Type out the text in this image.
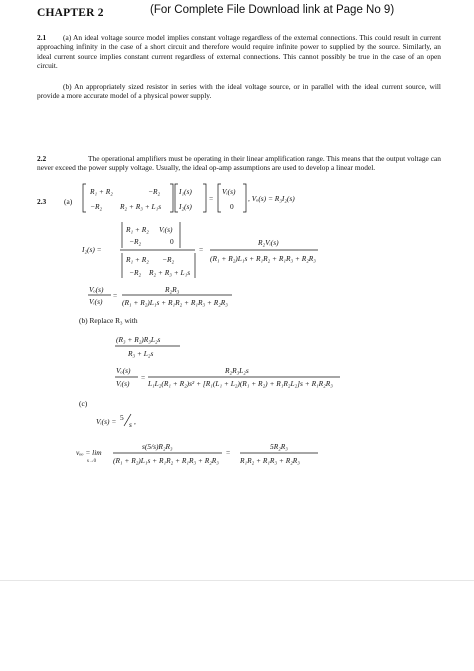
CHAPTER 2	(For Complete File Download link at Page No 9)
2.1	(a) An ideal voltage source model implies constant voltage regardless of the external connections. This could result in current approaching infinity in the case of a short circuit and therefore would require infinite power to supplied by the source. Similarly, an ideal current source implies constant current regardless of external connections. This cannot possibly be true in the case of an open circuit.
(b) An appropriately sized resistor in series with the ideal voltage source, or in parallel with the ideal current source, will provide a more accurate model of a physical power supply.
2.2	The operational amplifiers must be operating in their linear amplification range. This means that the output voltage can never exceed the power supply voltage. Usually, the ideal op-amp assumptions are used to develop a linear model.
2.3 (a)
R₁ + R₂	−R₂
−R₂ R₂ + R₃ + L₁s
I₁(s)
I₂(s)
=
Vᵢ(s)
0
, Vₒ(s) = R₃I₂(s)
I₂(s) =
R₁ + R₂ Vᵢ(s)
−R₂	0
R₁ + R₂ −R₂
−R₂ R₂ + R₃ + L₁s
=
R₂Vᵢ(s)
(R₁ + R₂)L₁s + R₁R₂ + R₁R₃ + R₂R₃
Vₒ(s)
Vᵢ(s)
=
R₂R₃
(R₁ + R₂)L₁s + R₁R₂ + R₁R₃ + R₂R₃
(R₃ + R₂)R₃L₂s
R₃ + L₂s
Vₒ(s)
Vᵢ(s)
=
R₂R₃L₂s
L₁L₂(R₁ + R₂)s² + [R₁(L₁ + L₂)(R₁ + R₂) + R₁R₂L₂]s + R₁R₂R₃
Vᵢ(s) = 5
s ,
vₒₒ = lim
s→0
s(5/s)R₂R₃
(R₁ + R₂)L₁s + R₁R₂ + R₁R₃ + R₂R₃
=
5R₂R₃
R₁R₂ + R₁R₃ + R₂R₃
(b) Replace R₃ with
(c)
